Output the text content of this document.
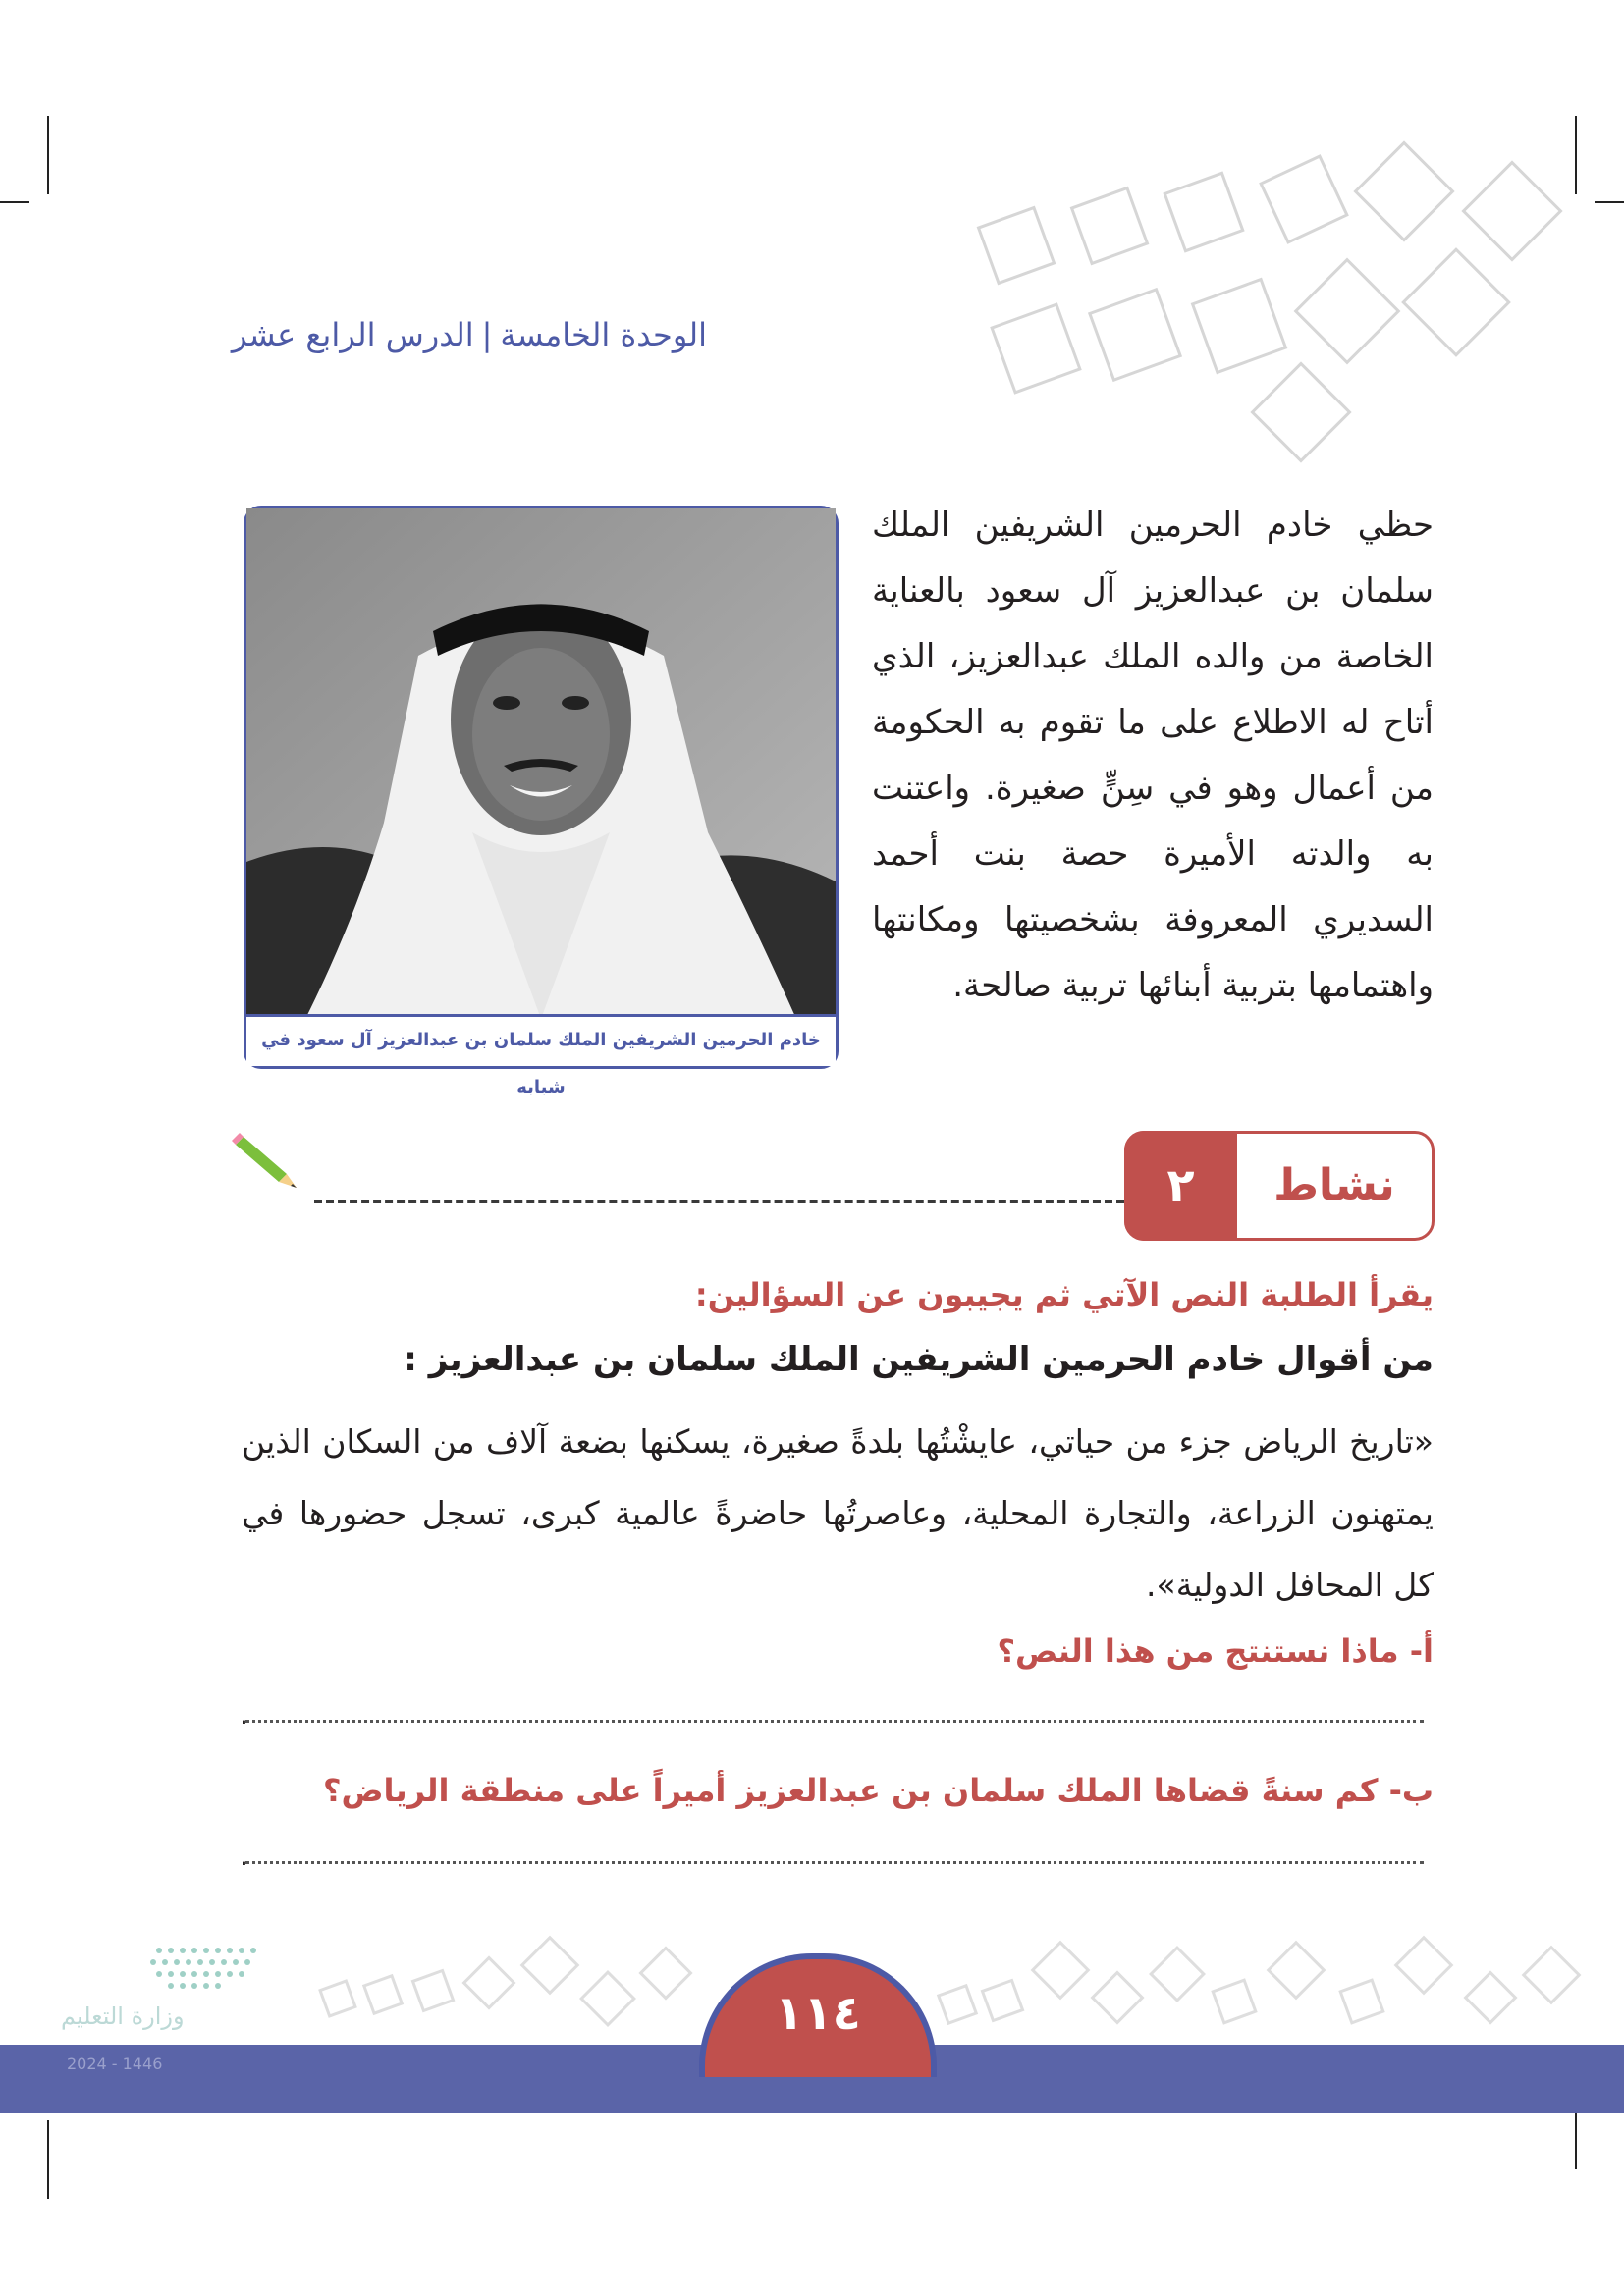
الوحدة الخامسة|الدرس الرابع عشر
حظي خادم الحرمين الشريفين الملك سلمان بن عبدالعزيز آل سعود بالعناية الخاصة من والده الملك عبدالعزيز، الذي أتاح له الاطلاع على ما تقوم به الحكومة من أعمال وهو في سِنٍّ صغيرة. واعتنت به والدته الأميرة حصة بنت أحمد السديري المعروفة بشخصيتها ومكانتها واهتمامها بتربية أبنائها تربية صالحة.
خادم الحرمين الشريفين الملك سلمان بن عبدالعزيز آل سعود في شبابه
٢	نشاط
يقرأ الطلبة النص الآتي ثم يجيبون عن السؤالين:
من أقوال خادم الحرمين الشريفين الملك سلمان بن عبدالعزيز :
«تاريخ الرياض جزء من حياتي، عايشْتُها بلدةً صغيرة، يسكنها بضعة آلاف من السكان الذين يمتهنون الزراعة، والتجارة المحلية، وعاصرتُها حاضرةً عالمية كبرى، تسجل حضورها في كل المحافل الدولية».
أ- ماذا نستنتج من هذا النص؟
.
ب- كم سنةً قضاها الملك سلمان بن عبدالعزيز أميراً على منطقة الرياض؟
.
١١٤
وزارة التعليم
2024 - 1446
